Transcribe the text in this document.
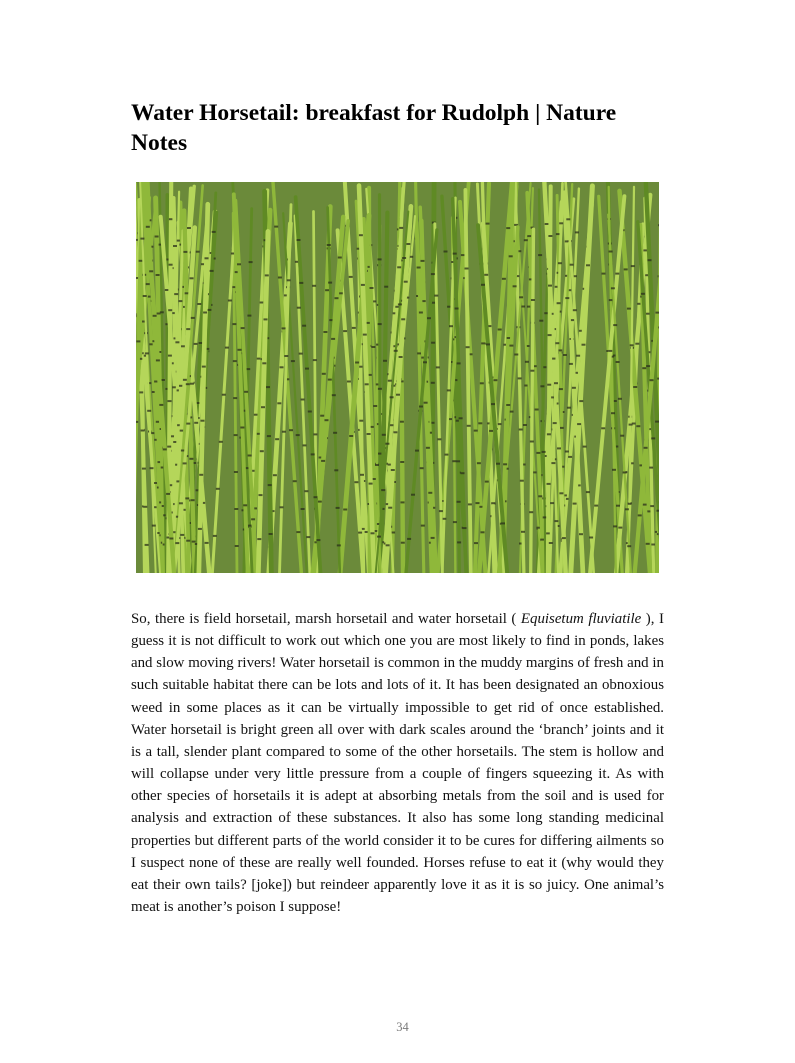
Water Horsetail: breakfast for Rudolph | Nature Notes

So, there is field horsetail, marsh horsetail and water horsetail ( Equisetum fluviatile ), I guess it is not difficult to work out which one you are most likely to find in ponds, lakes and slow moving rivers! Water horsetail is common in the muddy margins of fresh and in such suitable habitat there can be lots and lots of it. It has been designated an obnoxious weed in some places as it can be virtually impossible to get rid of once established. Water horsetail is bright green all over with dark scales around the ‘branch’ joints and it is a tall, slender plant compared to some of the other horsetails. The stem is hollow and will collapse under very little pressure from a couple of fingers squeezing it. As with other species of horsetails it is adept at absorbing metals from the soil and is used for analysis and extraction of these substances. It also has some long standing medicinal properties but different parts of the world consider it to be cures for differing ailments so I suspect none of these are really well founded. Horses refuse to eat it (why would they eat their own tails? [joke]) but reindeer apparently love it as it is so juicy. One animal’s meat is another’s poison I suppose!

34
